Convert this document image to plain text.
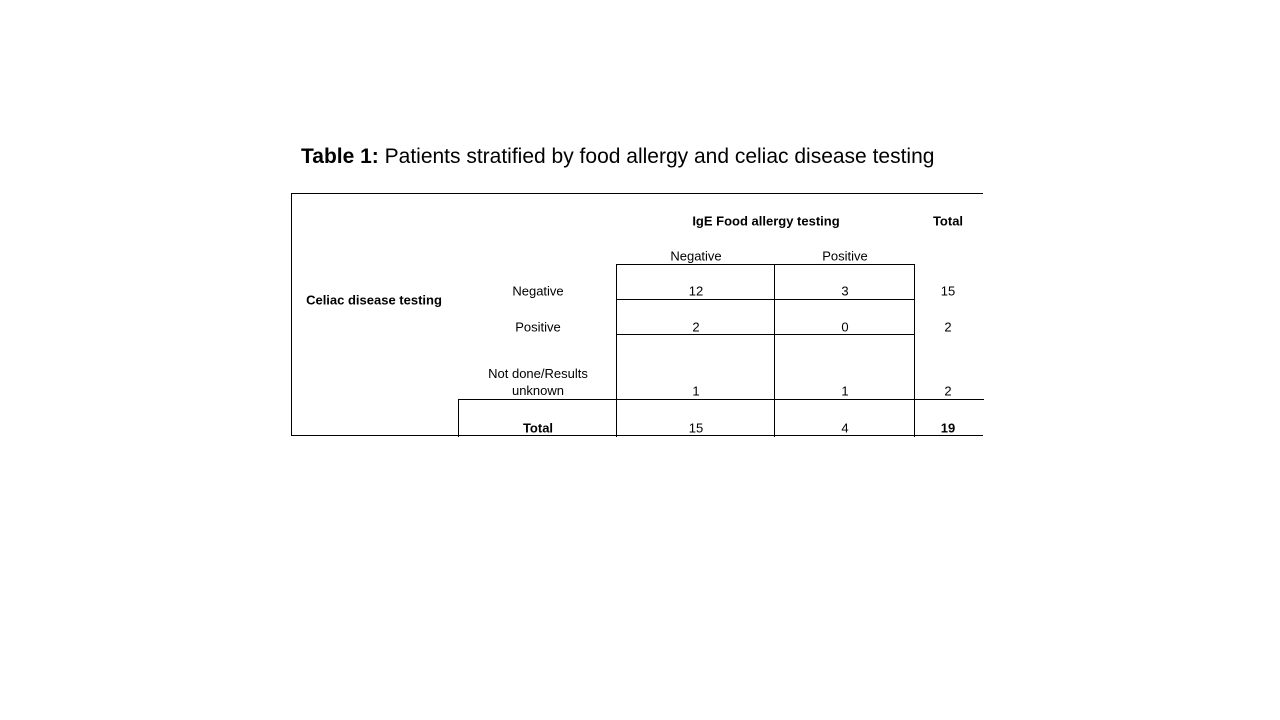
Table 1: Patients stratified by food allergy and celiac disease testing
IgE Food allergy testing	Total
Negative	Positive
Celiac disease testing
Negative	12	3	15
Positive	2	0	2
Not done/Results unknown	1	1	2
Total	15	4	19
